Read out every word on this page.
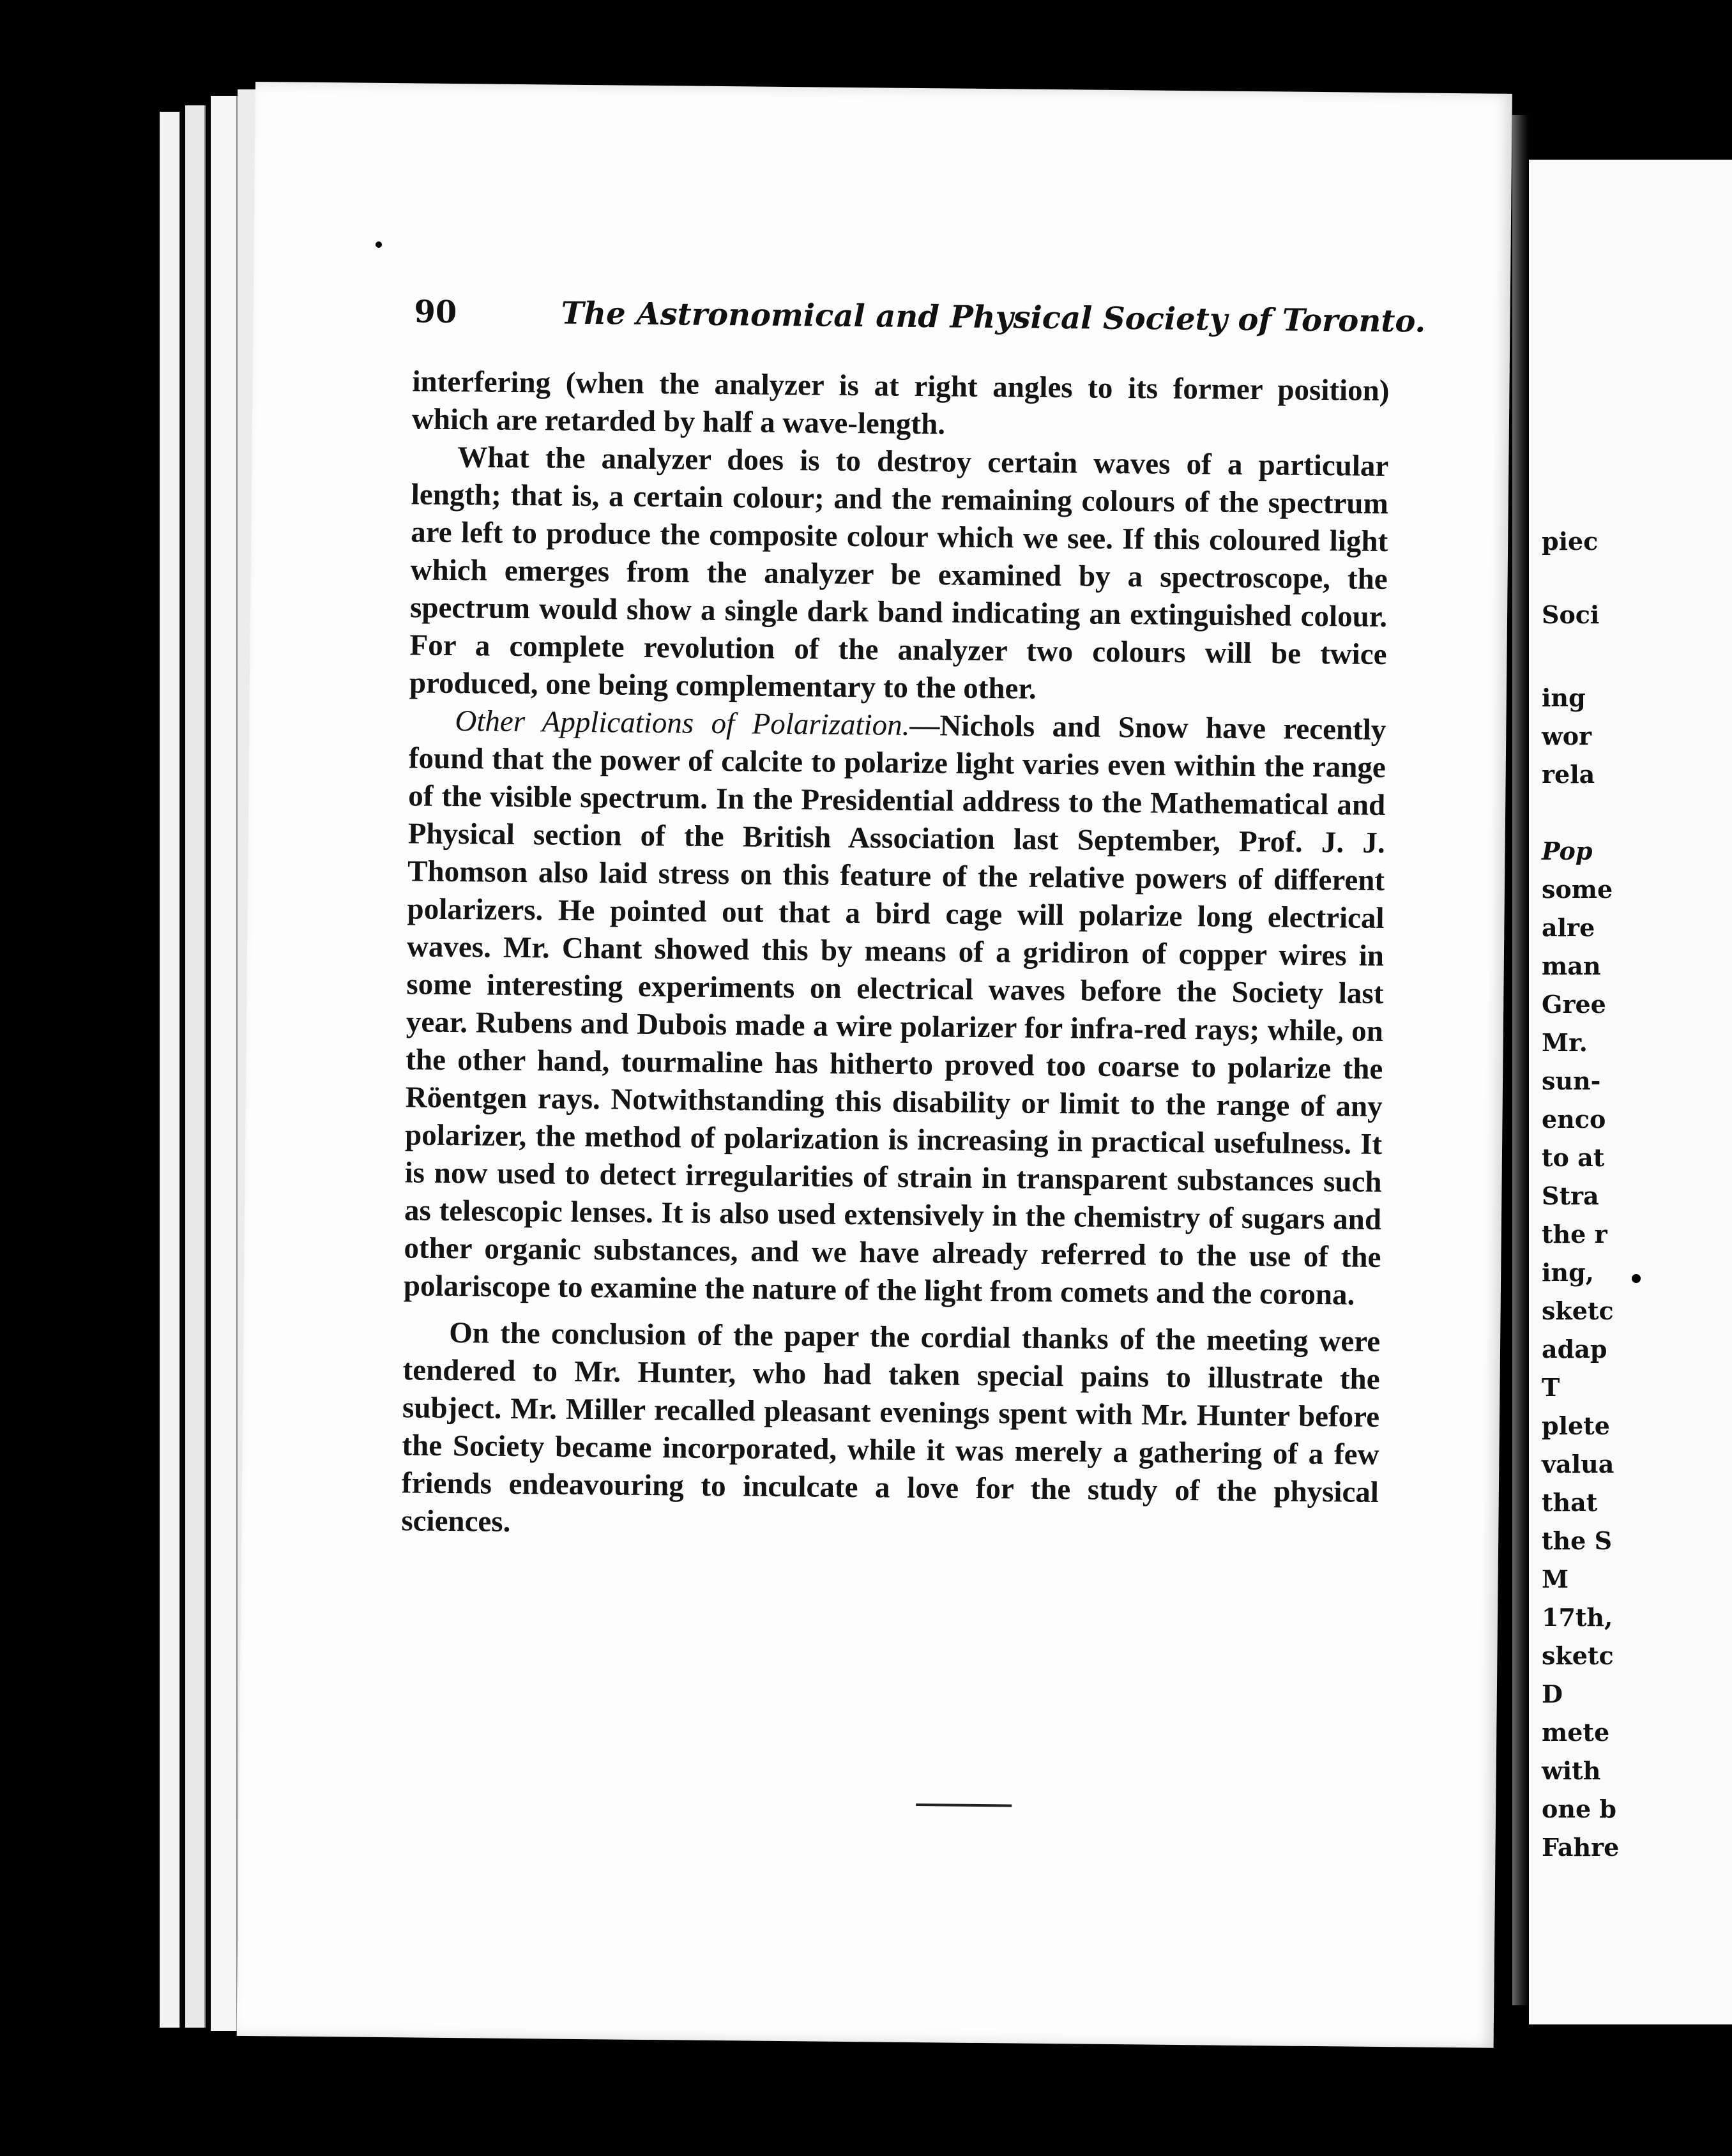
90	The Astronomical and Physical Society of Toronto.

interfering (when the analyzer is at right angles to its former position) which are retarded by half a wave-length.

What the analyzer does is to destroy certain waves of a particular length; that is, a certain colour; and the remaining colours of the spectrum are left to produce the composite colour which we see. If this coloured light which emerges from the analyzer be examined by a spectroscope, the spectrum would show a single dark band indicating an extinguished colour. For a complete revolution of the analyzer two colours will be twice produced, one being complementary to the other.

Other Applications of Polarization.—Nichols and Snow have recently found that the power of calcite to polarize light varies even within the range of the visible spectrum. In the Presidential address to the Mathematical and Physical section of the British Association last September, Prof. J. J. Thomson also laid stress on this feature of the relative powers of different polarizers. He pointed out that a bird cage will polarize long electrical waves. Mr. Chant showed this by means of a gridiron of copper wires in some interesting experiments on electrical waves before the Society last year. Rubens and Dubois made a wire polarizer for infra-red rays; while, on the other hand, tourmaline has hitherto proved too coarse to polarize the Röentgen rays. Notwithstanding this disability or limit to the range of any polarizer, the method of polarization is increasing in practical usefulness. It is now used to detect irregularities of strain in transparent substances such as telescopic lenses. It is also used extensively in the chemistry of sugars and other organic substances, and we have already referred to the use of the polariscope to examine the nature of the light from comets and the corona.

On the conclusion of the paper the cordial thanks of the meeting were tendered to Mr. Hunter, who had taken special pains to illustrate the subject. Mr. Miller recalled pleasant evenings spent with Mr. Hunter before the Society became incorporated, while it was merely a gathering of a few friends endeavouring to inculcate a love for the study of the physical sciences.

piec
Soci
ing
wor
rela
Pop
some
alre
man
Gree
Mr.
sun-
enco
to at
Stra
the r
ing,
sketc
adap
T
plete
valua
that
the S
M
17th,
sketc
D
mete
with
one b
Fahre
